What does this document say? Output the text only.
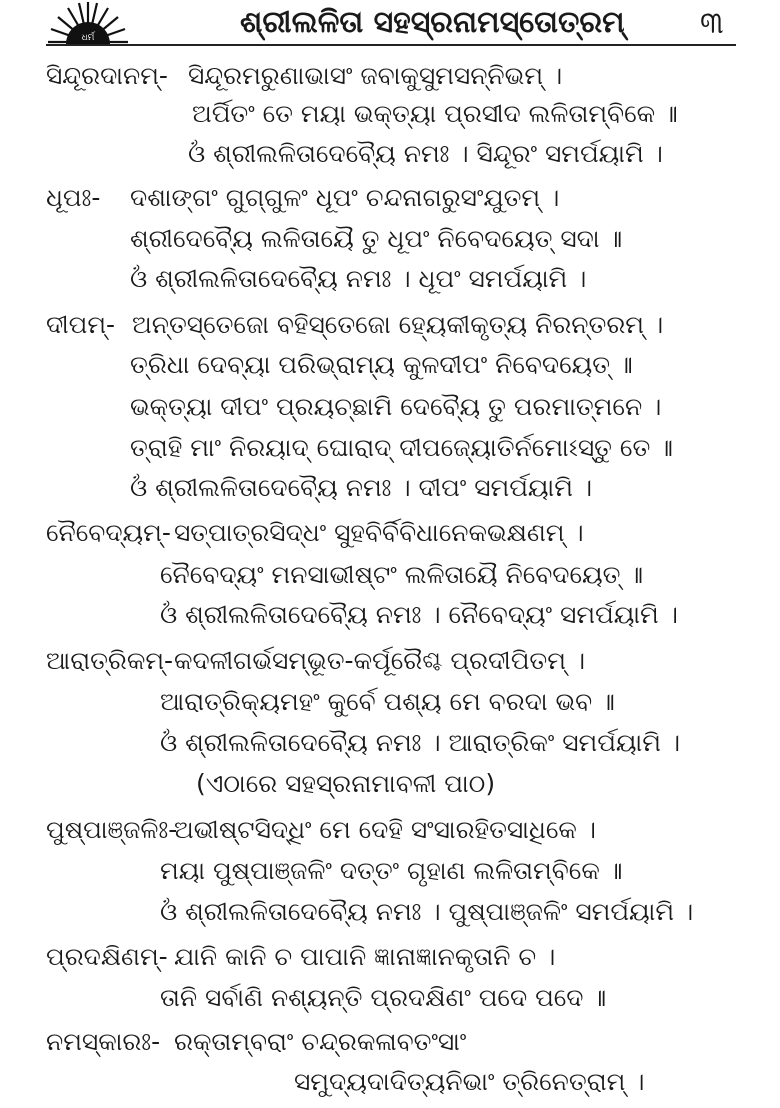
ଧର୍ମ	ଶ୍ରୀଲଳିତା ସହସ୍ରନାମସ୍ତୋତ୍ରମ୍	୩
ସିନ୍ଦୂରଦାନମ୍- ସିନ୍ଦୂରମରୁଣାଭାସଂ ଜବାକୁସୁମସନ୍ନିଭମ୍ ।
ଅର୍ପିତଂ ତେ ମୟା ଭକ୍ତ୍ୟା ପ୍ରସୀଦ ଲଳିତାମ୍ବିକେ ॥
ଓଁ ଶ୍ରୀଲଳିତାଦେବ୍ୟୈ ନମଃ । ସିନ୍ଦୂରଂ ସମର୍ପୟାମି ।
ଧୂପଃ- ଦଶାଙ୍ଗଂ ଗୁଗ୍‌ଗୁଳଂ ଧୂପଂ ଚନ୍ଦନାଗରୁସଂଯୁତମ୍ ।
ଶ୍ରୀଦେବ୍ୟୈ ଲଳିତାୟୈ ତୁ ଧୂପଂ ନିବେଦୟେତ୍ ସଦା ॥
ଓଁ ଶ୍ରୀଲଳିତାଦେବ୍ୟୈ ନମଃ । ଧୂପଂ ସମର୍ପୟାମି ।
ଦୀପମ୍- ଅନ୍ତସ୍ତେଜୋ ବହିସ୍ତେଜୋ ହ୍ୟେକୀକୃତ୍ୟ ନିରନ୍ତରମ୍ ।
ତ୍ରିଧା ଦେବ୍ୟା ପରିଭ୍ରାମ୍ୟ କୁଳଦୀପଂ ନିବେଦୟେତ୍ ॥
ଭକ୍ତ୍ୟା ଦୀପଂ ପ୍ରୟଚ୍ଛାମି ଦେବ୍ୟୈ ତୁ ପରମାତ୍ମନେ ।
ତ୍ରାହି ମାଂ ନିରୟାଦ୍ ଘୋରାଦ୍ ଦୀପଜ୍ୟୋତିର୍ନମୋଽସ୍ତୁ ତେ ॥
ଓଁ ଶ୍ରୀଲଳିତାଦେବ୍ୟୈ ନମଃ । ଦୀପଂ ସମର୍ପୟାମି ।
ନୈବେଦ୍ୟମ୍- ସତ୍‌ପାତ୍ରସିଦ୍ଧଂ ସୁହବିର୍ବିବିଧାନେକଭକ୍ଷଣମ୍ ।
ନୈବେଦ୍ୟଂ ମନସାଭୀଷ୍ଟଂ ଲଳିତାୟୈ ନିବେଦୟେତ୍ ॥
ଓଁ ଶ୍ରୀଲଳିତାଦେବ୍ୟୈ ନମଃ । ନୈବେଦ୍ୟଂ ସମର୍ପୟାମି ।
ଆରାତ୍ରିକମ୍-କଦଳୀଗର୍ଭସମ୍ଭୂତ-କର୍ପୂରୈଶ୍ଚ ପ୍ରଦୀପିତମ୍ ।
ଆରାତ୍ରିକ୍ୟମହଂ କୁର୍ବେ ପଶ୍ୟ ମେ ବରଦା ଭବ ॥
ଓଁ ଶ୍ରୀଲଳିତାଦେବ୍ୟୈ ନମଃ । ଆରାତ୍ରିକଂ ସମର୍ପୟାମି ।
(ଏଠାରେ ସହସ୍ରନାମାବଳୀ ପାଠ)
ପୁଷ୍ପାଞ୍ଜଳିଃ-ଅଭୀଷ୍ଟସିଦ୍ଧିଂ ମେ ଦେହି ସଂସାରହିତସାଧିକେ ।
ମୟା ପୁଷ୍ପାଞ୍ଜଳିଂ ଦତ୍ତଂ ଗୃହାଣ ଲଳିତାମ୍ବିକେ ॥
ଓଁ ଶ୍ରୀଲଳିତାଦେବ୍ୟୈ ନମଃ । ପୁଷ୍ପାଞ୍ଜଳିଂ ସମର୍ପୟାମି ।
ପ୍ରଦକ୍ଷିଣମ୍- ଯାନି କାନି ଚ ପାପାନି ଜ୍ଞାନାଜ୍ଞାନକୃତାନି ଚ ।
ତାନି ସର୍ବାଣି ନଶ୍ୟନ୍ତି ପ୍ରଦକ୍ଷିଣଂ ପଦେ ପଦେ ॥
ନମସ୍କାରଃ- ରକ୍ତାମ୍ବରାଂ ଚନ୍ଦ୍ରକଳାବତଂସାଂ
ସମୁଦ୍ୟଦାଦିତ୍ୟନିଭାଂ ତ୍ରିନେତ୍ରାମ୍ ।
